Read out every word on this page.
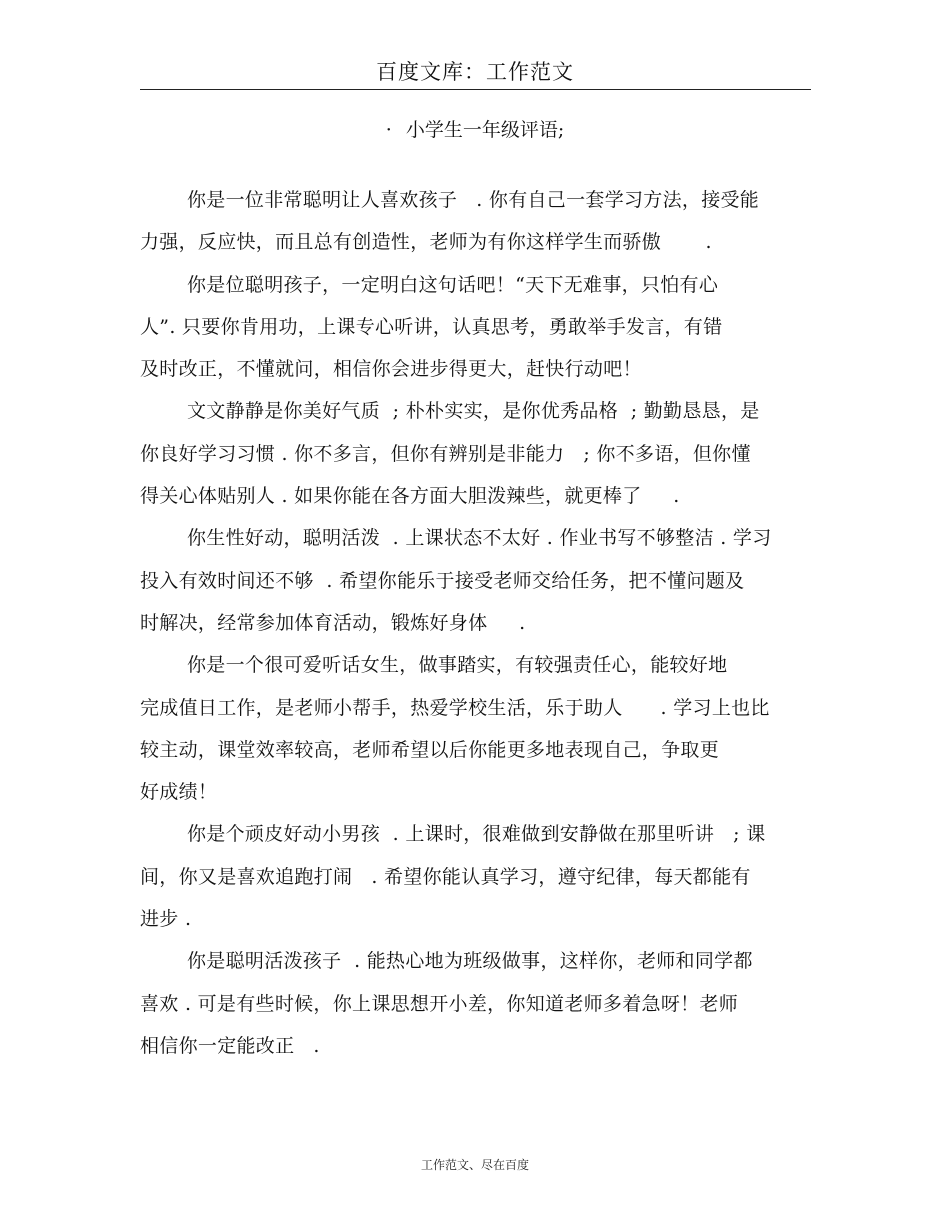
百度文库：工作范文
· 小学生一年级评语;
你是一位非常聪明让人喜欢孩子   . 你有自己一套学习方法，接受能
力强，反应快，而且总有创造性，老师为有你这样学生而骄傲       .
你是位聪明孩子，一定明白这句话吧！“天下无难事，只怕有心
人”. 只要你肯用功，上课专心听讲，认真思考，勇敢举手发言，有错
及时改正，不懂就问，相信你会进步得更大，赶快行动吧！
文文静静是你美好气质  ; 朴朴实实，是你优秀品格  ; 勤勤恳恳，是
你良好学习习惯 . 你不多言，但你有辨别是非能力   ; 你不多语，但你懂
得关心体贴别人 . 如果你能在各方面大胆泼辣些，就更棒了     .
你生性好动，聪明活泼  . 上课状态不太好 . 作业书写不够整洁 . 学习
投入有效时间还不够  . 希望你能乐于接受老师交给任务，把不懂问题及
时解决，经常参加体育活动，锻炼好身体     .
你是一个很可爱听话女生，做事踏实，有较强责任心，能较好地
完成值日工作，是老师小帮手，热爱学校生活，乐于助人      . 学习上也比
较主动，课堂效率较高，老师希望以后你能更多地表现自己，争取更
好成绩！
你是个顽皮好动小男孩  . 上课时，很难做到安静做在那里听讲   ; 课
间，你又是喜欢追跑打闹   . 希望你能认真学习，遵守纪律，每天都能有
进步 .
你是聪明活泼孩子  . 能热心地为班级做事，这样你，老师和同学都
喜欢 . 可是有些时候，你上课思想开小差，你知道老师多着急呀！老师
相信你一定能改正   .
工作范文、尽在百度
